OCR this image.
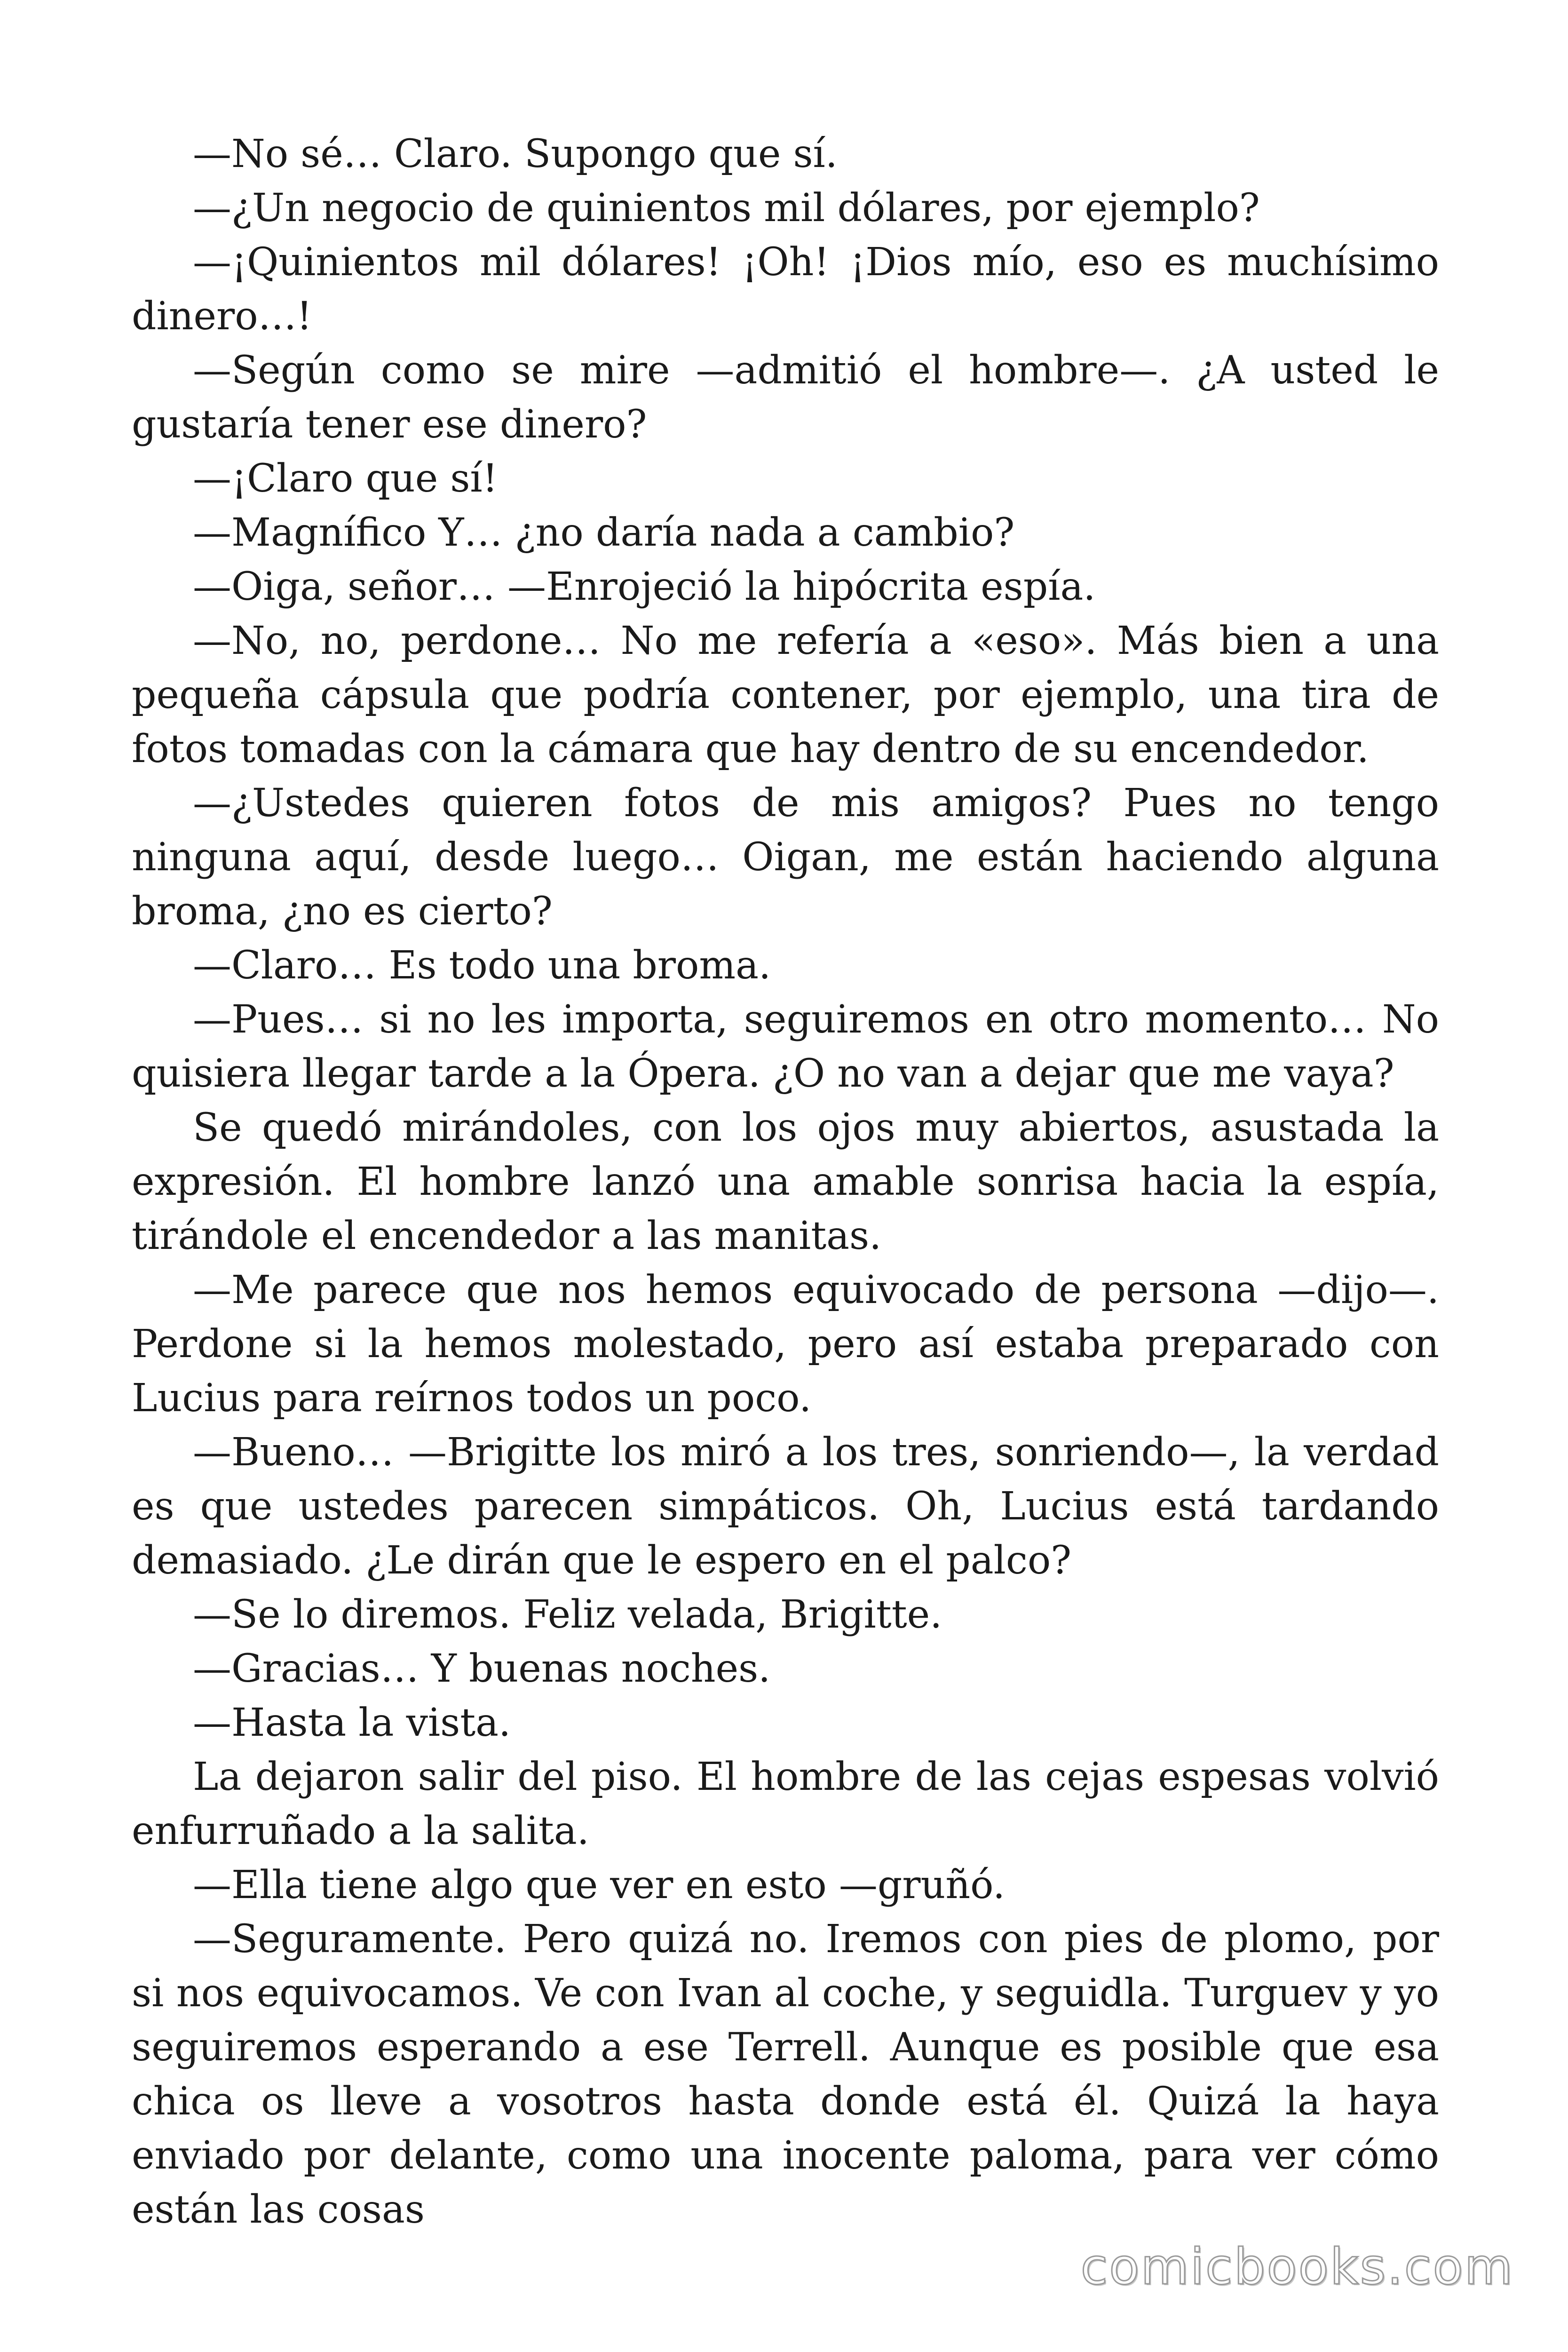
—No sé… Claro. Supongo que sí.

—¿Un negocio de quinientos mil dólares, por ejemplo?

—¡Quinientos mil dólares! ¡Oh! ¡Dios mío, eso es muchísimo dinero…!

—Según como se mire —admitió el hombre—. ¿A usted le gustaría tener ese dinero?

—¡Claro que sí!

—Magnífico Y… ¿no daría nada a cambio?

—Oiga, señor… —Enrojeció la hipócrita espía.

—No, no, perdone… No me refería a «eso». Más bien a una pequeña cápsula que podría contener, por ejemplo, una tira de fotos tomadas con la cámara que hay dentro de su encendedor.

—¿Ustedes quieren fotos de mis amigos? Pues no tengo ninguna aquí, desde luego… Oigan, me están haciendo alguna broma, ¿no es cierto?

—Claro… Es todo una broma.

—Pues… si no les importa, seguiremos en otro momento… No quisiera llegar tarde a la Ópera. ¿O no van a dejar que me vaya?

Se quedó mirándoles, con los ojos muy abiertos, asustada la expresión. El hombre lanzó una amable sonrisa hacia la espía, tirándole el encendedor a las manitas.

—Me parece que nos hemos equivocado de persona —dijo—. Perdone si la hemos molestado, pero así estaba preparado con Lucius para reírnos todos un poco.

—Bueno… —Brigitte los miró a los tres, sonriendo—, la verdad es que ustedes parecen simpáticos. Oh, Lucius está tardando demasiado. ¿Le dirán que le espero en el palco?

—Se lo diremos. Feliz velada, Brigitte.

—Gracias… Y buenas noches.

—Hasta la vista.

La dejaron salir del piso. El hombre de las cejas espesas volvió enfurruñado a la salita.

—Ella tiene algo que ver en esto —gruñó.

—Seguramente. Pero quizá no. Iremos con pies de plomo, por si nos equivocamos. Ve con Ivan al coche, y seguidla. Turguev y yo seguiremos esperando a ese Terrell. Aunque es posible que esa chica os lleve a vosotros hasta donde está él. Quizá la haya enviado por delante, como una inocente paloma, para ver cómo están las cosas

comicbooks.com
